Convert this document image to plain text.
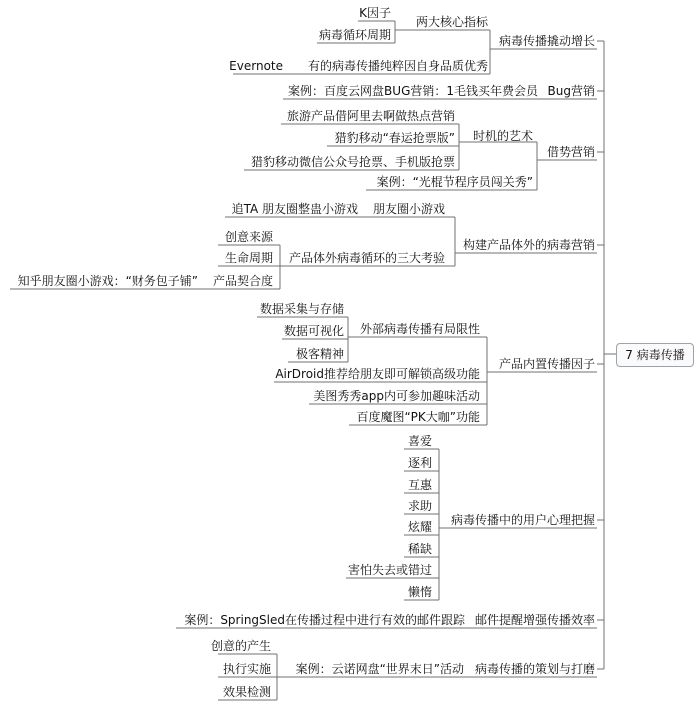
7 病毒传播
病毒传播撬动增长
两大核心指标
K因子
病毒循环周期
有的病毒传播纯粹因自身品质优秀
Evernote
Bug营销
案例：百度云网盘BUG营销：1毛钱买年费会员
借势营销
时机的艺术
旅游产品借阿里去啊做热点营销
猎豹移动“春运抢票版”
猎豹移动微信公众号抢票、手机版抢票
案例：“光棍节程序员闯关秀”
构建产品体外的病毒营销
朋友圈小游戏
追TA 朋友圈整蛊小游戏
产品体外病毒循环的三大考验
创意来源
生命周期
产品契合度
知乎朋友圈小游戏：“财务包子铺”
产品内置传播因子
外部病毒传播有局限性
数据采集与存储
数据可视化
极客精神
AirDroid推荐给朋友即可解锁高级功能
美图秀秀app内可参加趣味活动
百度魔图“PK大咖”功能
病毒传播中的用户心理把握
喜爱
逐利
互惠
求助
炫耀
稀缺
害怕失去或错过
懒惰
邮件提醒增强传播效率
案例：SpringSled在传播过程中进行有效的邮件跟踪
病毒传播的策划与打磨
案例：云诺网盘“世界末日”活动
创意的产生
执行实施
效果检测
